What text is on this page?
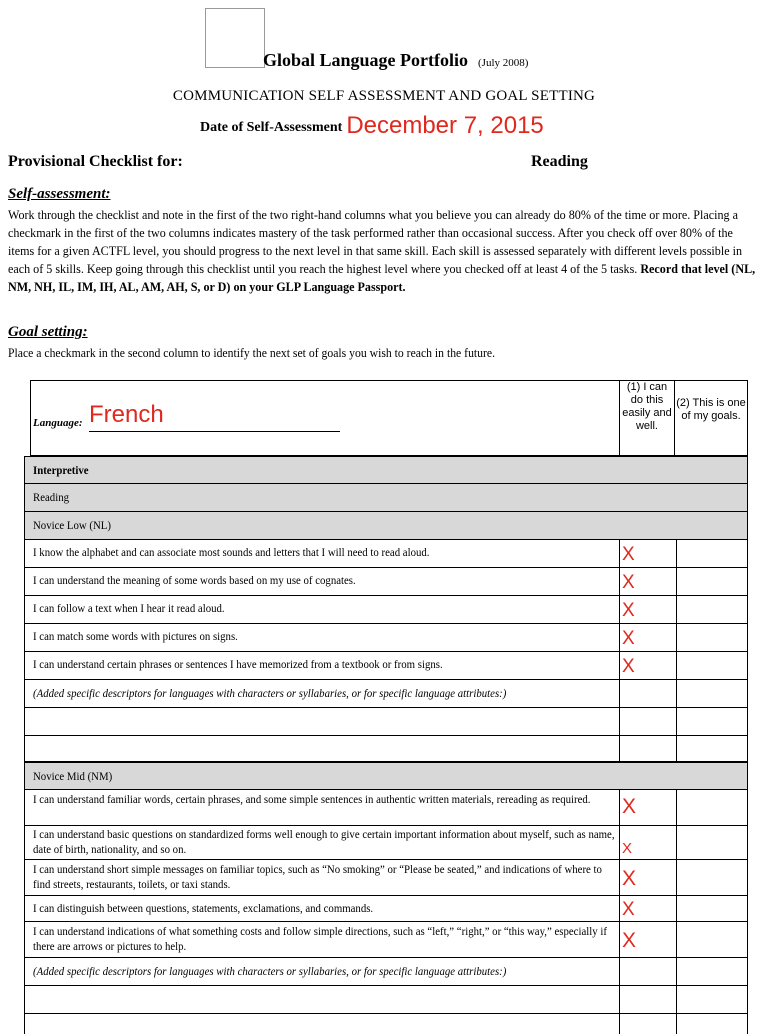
Global Language Portfolio (July 2008)
COMMUNICATION SELF ASSESSMENT AND GOAL SETTING
Date of Self-Assessment December 7, 2015
Provisional Checklist for:	Reading
Self-assessment:
Work through the checklist and note in the first of the two right-hand columns what you believe you can already do 80% of the time or more. Placing a checkmark in the first of the two columns indicates mastery of the task performed rather than occasional success. After you check off over 80% of the items for a given ACTFL level, you should progress to the next level in that same skill. Each skill is assessed separately with different levels possible in each of 5 skills. Keep going through this checklist until you reach the highest level where you checked off at least 4 of the 5 tasks. Record that level (NL, NM, NH, IL, IM, IH, AL, AM, AH, S, or D) on your GLP Language Passport.
Goal setting:
Place a checkmark in the second column to identify the next set of goals you wish to reach in the future.
Language: French
(1) I can do this easily and well.
(2) This is one of my goals.
Interpretive
Reading
Novice Low (NL)
I know the alphabet and can associate most sounds and letters that I will need to read aloud.	X
I can understand the meaning of some words based on my use of cognates.	X
I can follow a text when I hear it read aloud.	X
I can match some words with pictures on signs.	X
I can understand certain phrases or sentences I have memorized from a textbook or from signs.	X
(Added specific descriptors for languages with characters or syllabaries, or for specific language attributes:)
Novice Mid (NM)
I can understand familiar words, certain phrases, and some simple sentences in authentic written materials, rereading as required.	X
I can understand basic questions on standardized forms well enough to give certain important information about myself, such as name, date of birth, nationality, and so on.	X
I can understand short simple messages on familiar topics, such as “No smoking” or “Please be seated,” and indications of where to find streets, restaurants, toilets, or taxi stands.	X
I can distinguish between questions, statements, exclamations, and commands.	X
I can understand indications of what something costs and follow simple directions, such as “left,” “right,” or “this way,” especially if there are arrows or pictures to help.	X
(Added specific descriptors for languages with characters or syllabaries, or for specific language attributes:)
